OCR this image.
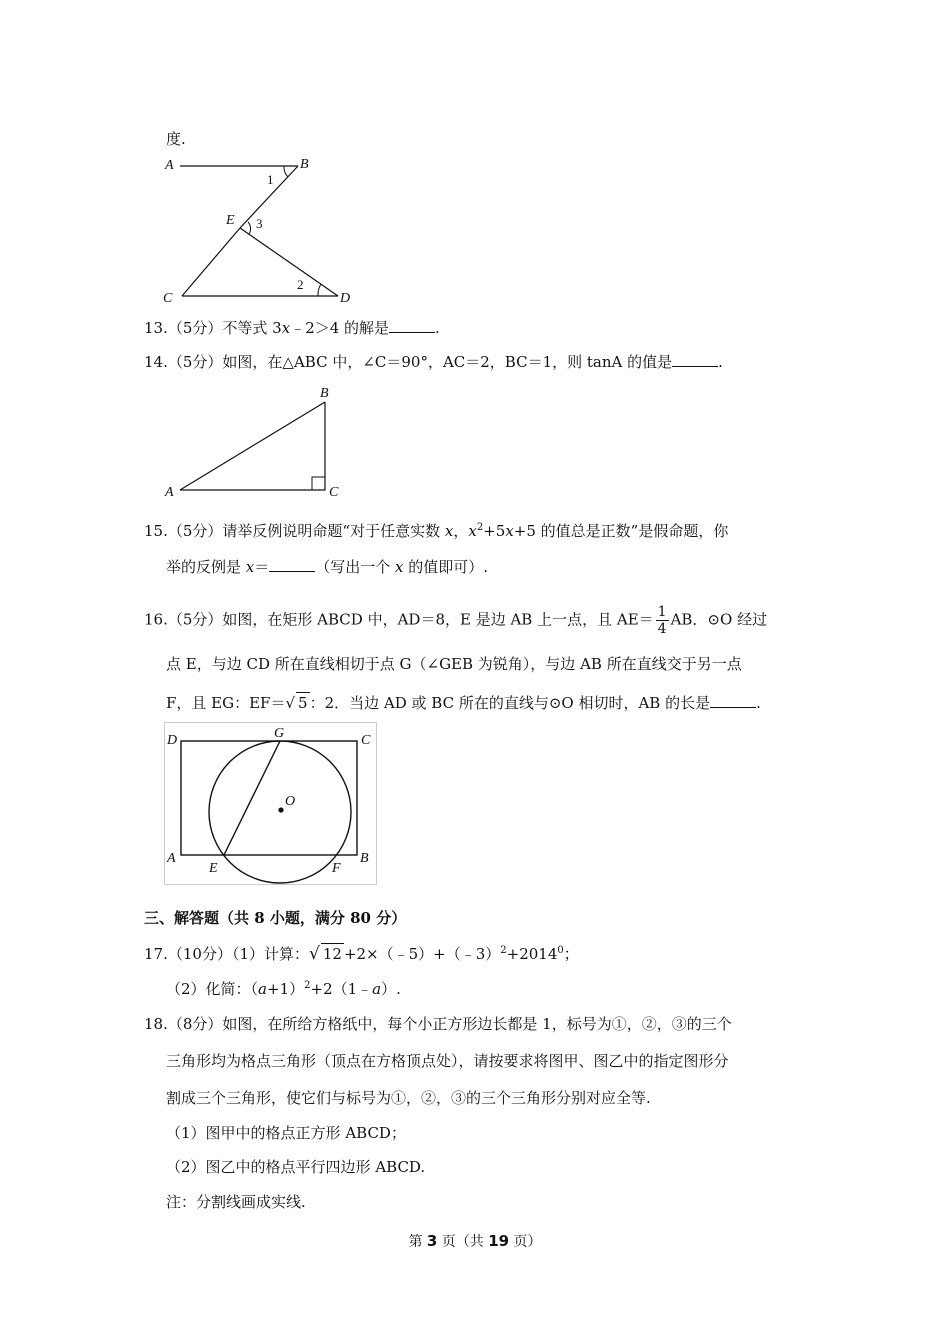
度.
A	B
C	D
E
1
3
2
13.（5分）不等式 3x﹣2＞4 的解是	.
14.（5分）如图，在△ABC 中，∠C＝90°，AC＝2，BC＝1，则 tanA 的值是	.
A
B
C
15.（5分）请举反例说明命题“对于任意实数 x，$x^2+5x+5$ 的值总是正数”是假命题，你
举的反例是 x＝	（写出一个 x 的值即可）.
16.（5分）如图，在矩形 ABCD 中，AD＝8，E 是边 AB 上一点，且 $AE= \frac{1}{4}$ AB．⊙O 经过
点 E，与边 CD 所在直线相切于点 G（∠GEB 为锐角），与边 AB 所在直线交于另一点
F，且 EG：EF＝√ 5 ：2．当边 AD 或 BC 所在的直线与⊙O 相切时，AB 的长是	.
D	C
A	B
G
O
E	F
三、解答题（共 8 小题，满分 80 分）
17.（10分）（1）计算：√ $12 +2\times(﹣5)+(﹣3)^2+2014^0$；
（2）化简：$(a+1)^2+2(1﹣a)$.
18.（8分）如图，在所给方格纸中，每个小正方形边长都是 1，标号为①，②，③的三个
三角形均为格点三角形（顶点在方格顶点处），请按要求将图甲、图乙中的指定图形分
割成三个三角形，使它们与标号为①，②，③的三个三角形分别对应全等.
（1）图甲中的格点正方形 ABCD；
（2）图乙中的格点平行四边形 ABCD.
注：分割线画成实线.
第 3 页（共 19 页）
